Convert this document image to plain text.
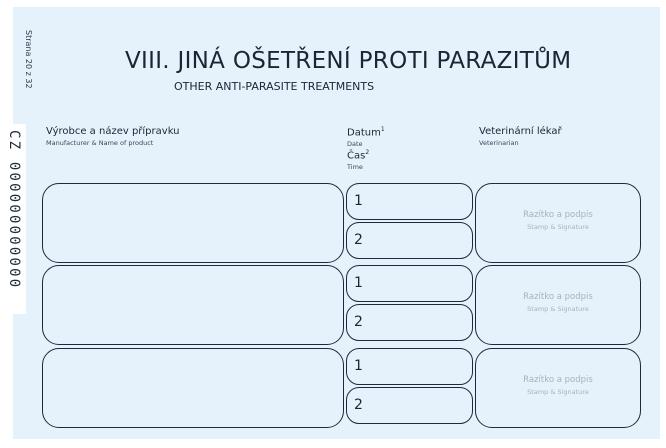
Strana 20 z 32
CZ 000000000000
VIII. JINÁ OŠETŘENÍ PROTI PARAZITŮM
OTHER ANTI-PARASITE TREATMENTS
Výrobce a název přípravku
Manufacturer & Name of product
Datum$^1$
Date
Čas$^2$
Time
Veterinární lékař
Veterinarian
1
2
Razítko a podpis
Stamp & Signature
1
2
Razítko a podpis
Stamp & Signature
1
2
Razítko a podpis
Stamp & Signature
